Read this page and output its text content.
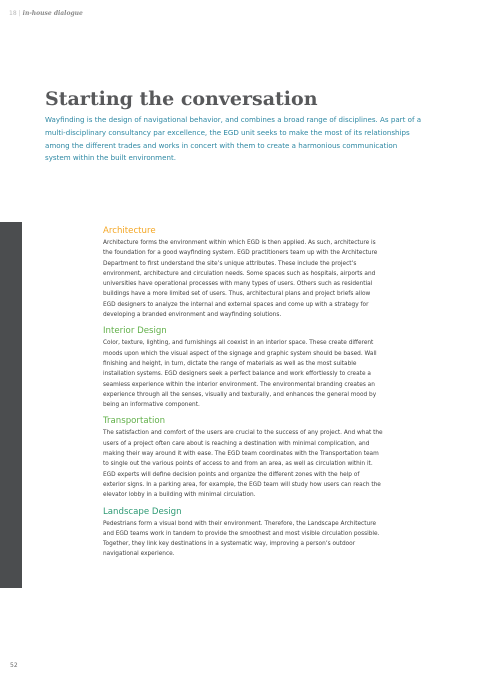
18 | in-house dialogue
Starting the conversation

Wayfinding is the design of navigational behavior, and combines a broad range of disciplines. As part of a multi-disciplinary consultancy par excellence, the EGD unit seeks to make the most of its relationships among the different trades and works in concert with them to create a harmonious communication system within the built environment.

Architecture

Architecture forms the environment within which EGD is then applied. As such, architecture is the foundation for a good wayfinding system. EGD practitioners team up with the Architecture Department to first understand the site’s unique attributes. These include the project’s environment, architecture and circulation needs. Some spaces such as hospitals, airports and universities have operational processes with many types of users. Others such as residential buildings have a more limited set of users. Thus, architectural plans and project briefs allow EGD designers to analyze the internal and external spaces and come up with a strategy for developing a branded environment and wayfinding solutions.

Interior Design

Color, texture, lighting, and furnishings all coexist in an interior space. These create different moods upon which the visual aspect of the signage and graphic system should be based. Wall finishing and height, in turn, dictate the range of materials as well as the most suitable installation systems. EGD designers seek a perfect balance and work effortlessly to create a seamless experience within the interior environment. The environmental branding creates an experience through all the senses, visually and texturally, and enhances the general mood by being an informative component.

Transportation

The satisfaction and comfort of the users are crucial to the success of any project. And what the users of a project often care about is reaching a destination with minimal complication, and making their way around it with ease. The EGD team coordinates with the Transportation team to single out the various points of access to and from an area, as well as circulation within it. EGD experts will define decision points and organize the different zones with the help of exterior signs. In a parking area, for example, the EGD team will study how users can reach the elevator lobby in a building with minimal circulation.

Landscape Design

Pedestrians form a visual bond with their environment. Therefore, the Landscape Architecture and EGD teams work in tandem to provide the smoothest and most visible circulation possible. Together, they link key destinations in a systematic way, improving a person’s outdoor navigational experience.

52
